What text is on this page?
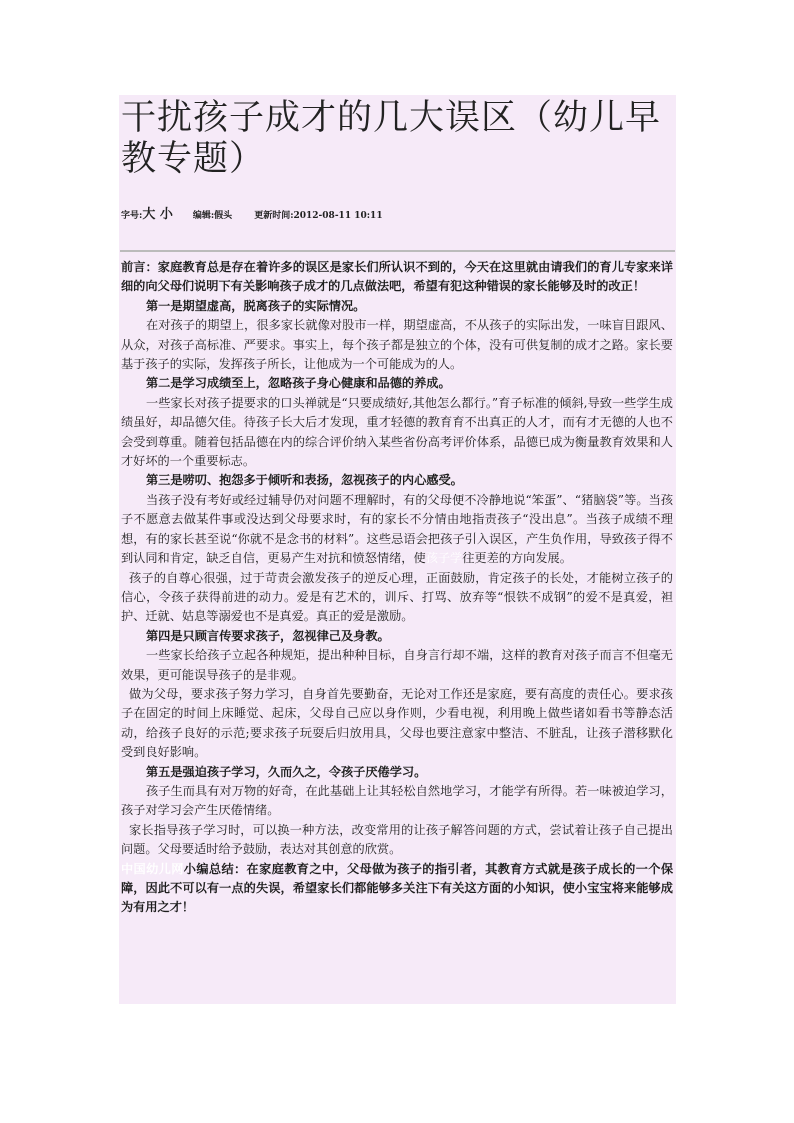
干扰孩子成才的几大误区（幼儿早教专题）
字号: 大 小 编辑:假头 更新时间:2012-08-11 10:11

前言：家庭教育总是存在着许多的误区是家长们所认识不到的，今天在这里就由请我们的育儿专家来详细的向父母们说明下有关影响孩子成才的几点做法吧，希望有犯这种错误的家长能够及时的改正！

第一是期望虚高，脱离孩子的实际情况。

在对孩子的期望上，很多家长就像对股市一样，期望虚高，不从孩子的实际出发，一味盲目跟风、从众，对孩子高标准、严要求。事实上，每个孩子都是独立的个体，没有可供复制的成才之路。家长要基于孩子的实际，发挥孩子所长，让他成为一个可能成为的人。

第二是学习成绩至上，忽略孩子身心健康和品德的养成。

一些家长对孩子提要求的口头禅就是“只要成绩好,其他怎么都行。”育子标准的倾斜,导致一些学生成绩虽好，却品德欠佳。待孩子长大后才发现，重才轻德的教育育不出真正的人才，而有才无德的人也不会受到尊重。随着包括品德在内的综合评价纳入某些省份高考评价体系，品德已成为衡量教育效果和人才好坏的一个重要标志。

第三是唠叨、抱怨多于倾听和表扬，忽视孩子的内心感受。

当孩子没有考好或经过辅导仍对问题不理解时，有的父母便不冷静地说“笨蛋”、“猪脑袋”等。当孩子不愿意去做某件事或没达到父母要求时，有的家长不分情由地指责孩子“没出息”。当孩子成绩不理想，有的家长甚至说“你就不是念书的材料”。这些忌语会把孩子引入误区，产生负作用，导致孩子得不到认同和肯定，缺乏自信，更易产生对抗和愤怒情绪，使孩子学往更差的方向发展。

孩子的自尊心很强，过于苛责会激发孩子的逆反心理，正面鼓励，肯定孩子的长处，才能树立孩子的信心，令孩子获得前进的动力。爱是有艺术的，训斥、打骂、放弃等“恨铁不成钢”的爱不是真爱，袒护、迁就、姑息等溺爱也不是真爱。真正的爱是激励。

第四是只顾言传要求孩子，忽视律己及身教。

一些家长给孩子立起各种规矩，提出种种目标，自身言行却不端，这样的教育对孩子而言不但毫无效果，更可能误导孩子的是非观。

做为父母，要求孩子努力学习，自身首先要勤奋，无论对工作还是家庭，要有高度的责任心。要求孩子在固定的时间上床睡觉、起床，父母自己应以身作则，少看电视，利用晚上做些诸如看书等静态活动，给孩子良好的示范;要求孩子玩耍后归放用具，父母也要注意家中整洁、不脏乱，让孩子潜移默化受到良好影响。

第五是强迫孩子学习，久而久之，令孩子厌倦学习。

孩子生而具有对万物的好奇，在此基础上让其轻松自然地学习，才能学有所得。若一味被迫学习，孩子对学习会产生厌倦情绪。

家长指导孩子学习时，可以换一种方法，改变常用的让孩子解答问题的方式，尝试着让孩子自己提出问题。父母要适时给予鼓励，表达对其创意的欣赏。

中国幼儿网小编总结：在家庭教育之中，父母做为孩子的指引者，其教育方式就是孩子成长的一个保障，因此不可以有一点的失误，希望家长们都能够多关注下有关这方面的小知识，使小宝宝将来能够成为有用之才！
